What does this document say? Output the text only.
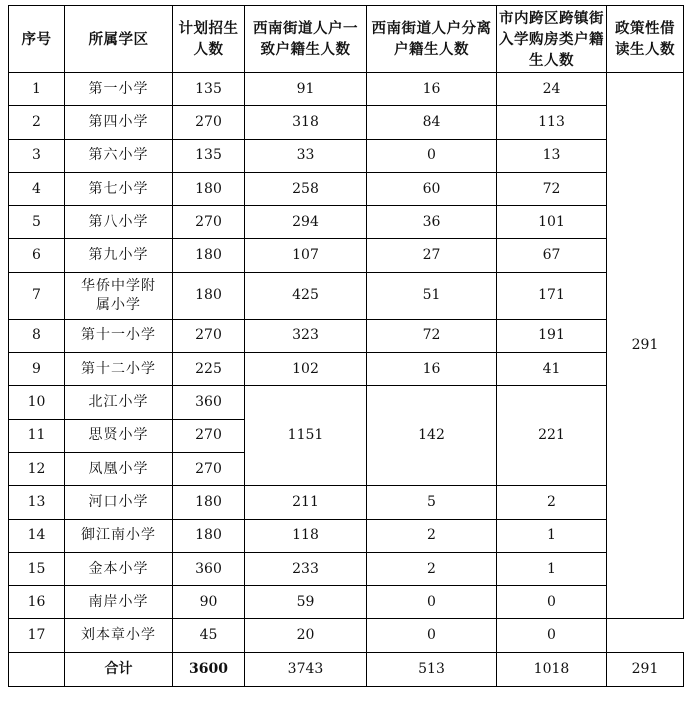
序号	所属学区	计划招生人数	西南街道人户一致户籍生人数	西南街道人户分离户籍生人数	市内跨区跨镇街入学购房类户籍生人数	政策性借读生人数
1	第一小学	135	91	16	24	291
2	第四小学	270	318	84	113	
3	第六小学	135	33	0	13	
4	第七小学	180	258	60	72	
5	第八小学	270	294	36	101	
6	第九小学	180	107	27	67	
7	华侨中学附属小学	180	425	51	171	
8	第十一小学	270	323	72	191	
9	第十二小学	225	102	16	41	
10	北江小学	360	1151	142	221	
11	思贤小学	270				
12	凤凰小学	270				
13	河口小学	180	211	5	2	
14	御江南小学	180	118	2	1	
15	金本小学	360	233	2	1	
16	南岸小学	90	59	0	0	
17	刘本章小学	45	20	0	0	
	合计	3600	3743	513	1018	291
